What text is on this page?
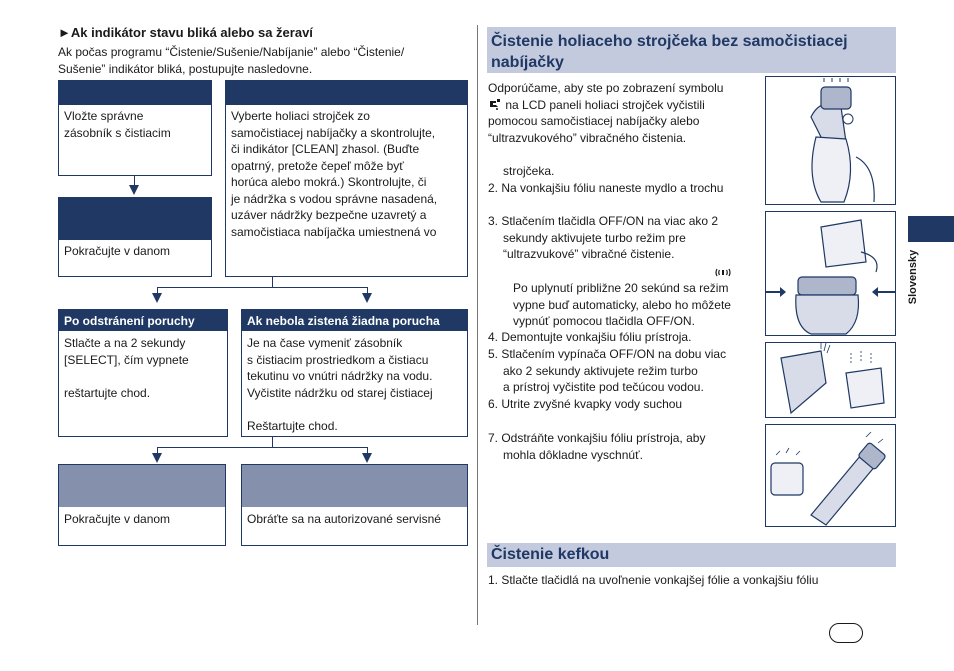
►Ak indikátor stavu bliká alebo sa žeraví
Ak počas programu “Čistenie/Sušenie/Nabíjanie” alebo “Čistenie/
Sušenie” indikátor bliká, postupujte nasledovne.
Vložte správne
zásobník s čistiacim
Vyberte holiaci strojček zo
samočistiacej nabíjačky a skontrolujte,
či indikátor [CLEAN] zhasol. (Buďte
opatrný, pretože čepeľ môže byť
horúca alebo mokrá.) Skontrolujte, či
je nádržka s vodou správne nasadená,
uzáver nádržky bezpečne uzavretý a
samočistiaca nabíjačka umiestnená vo
Pokračujte v danom
Po odstránení poruchy
Stlačte a na 2 sekundy
[SELECT], čím vypnete
reštartujte chod.
Ak nebola zistená žiadna porucha
Je na čase vymeniť zásobník
s čistiacim prostriedkom a čistiacu
tekutinu vo vnútri nádržky na vodu.
Vyčistite nádržku od starej čistiacej
Reštartujte chod.
Pokračujte v danom	Obráťte sa na autorizované servisné
Čistenie holiaceho strojčeka bez samočistiacej
nabíjačky
Odporúčame, aby ste po zobrazení symbolu
na LCD paneli holiaci strojček vyčistili
pomocou samočistiacej nabíjačky alebo
“ultrazvukového” vibračného čistenia.
strojčeka.
2. Na vonkajšiu fóliu naneste mydlo a trochu
3. Stlačením tlačidla OFF/ON na viac ako 2
sekundy aktivujete turbo režim pre
“ultrazvukové” vibračné čistenie.
Po uplynutí približne 20 sekúnd sa režim
vypne buď automaticky, alebo ho môžete
vypnúť pomocou tlačidla OFF/ON.
4. Demontujte vonkajšiu fóliu prístroja.
5. Stlačením vypínača OFF/ON na dobu viac
ako 2 sekundy aktivujete režim turbo
a prístroj vyčistite pod tečúcou vodou.
6. Utrite zvyšné kvapky vody suchou
7. Odstráňte vonkajšiu fóliu prístroja, aby
mohla dôkladne vyschnúť.
Čistenie kefkou
1. Stlačte tlačidlá na uvoľnenie vonkajšej fólie a vonkajšiu fóliu
Slovensky
